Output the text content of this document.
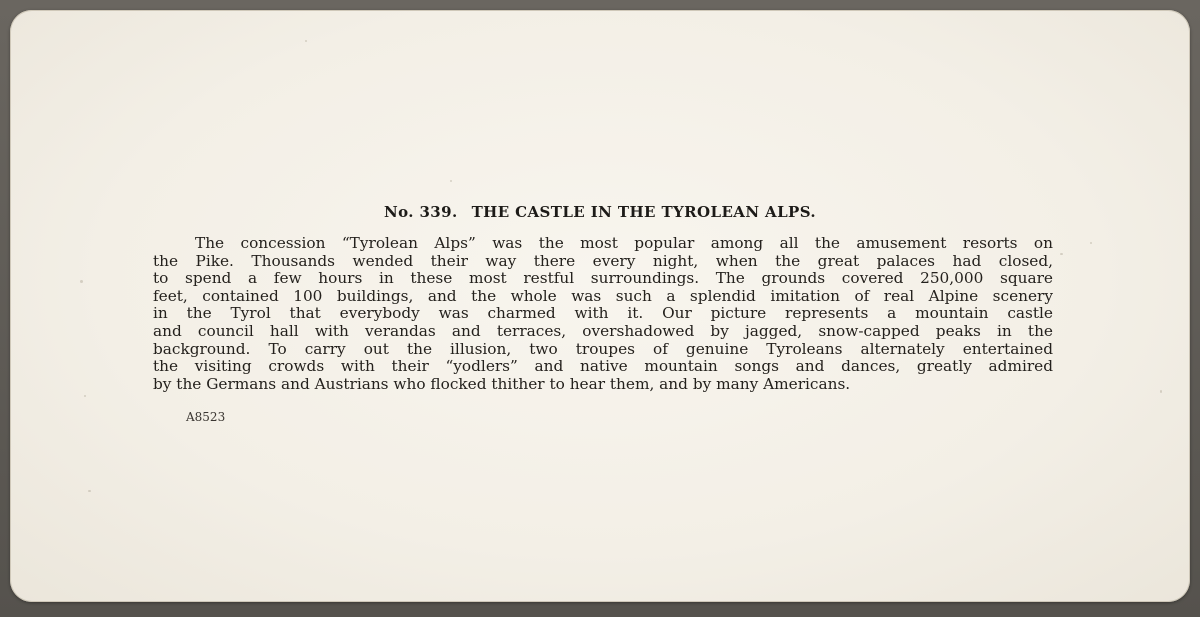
No. 339. THE CASTLE IN THE TYROLEAN ALPS.
The concession “Tyrolean Alps” was the most popular among all the amusement resorts on
the Pike. Thousands wended their way there every night, when the great palaces had closed,
to spend a few hours in these most restful surroundings. The grounds covered 250,000 square
feet, contained 100 buildings, and the whole was such a splendid imitation of real Alpine scenery
in the Tyrol that everybody was charmed with it. Our picture represents a mountain castle
and council hall with verandas and terraces, overshadowed by jagged, snow-capped peaks in the
background. To carry out the illusion, two troupes of genuine Tyroleans alternately entertained
the visiting crowds with their “yodlers” and native mountain songs and dances, greatly admired
by the Germans and Austrians who flocked thither to hear them, and by many Americans.
A8523
